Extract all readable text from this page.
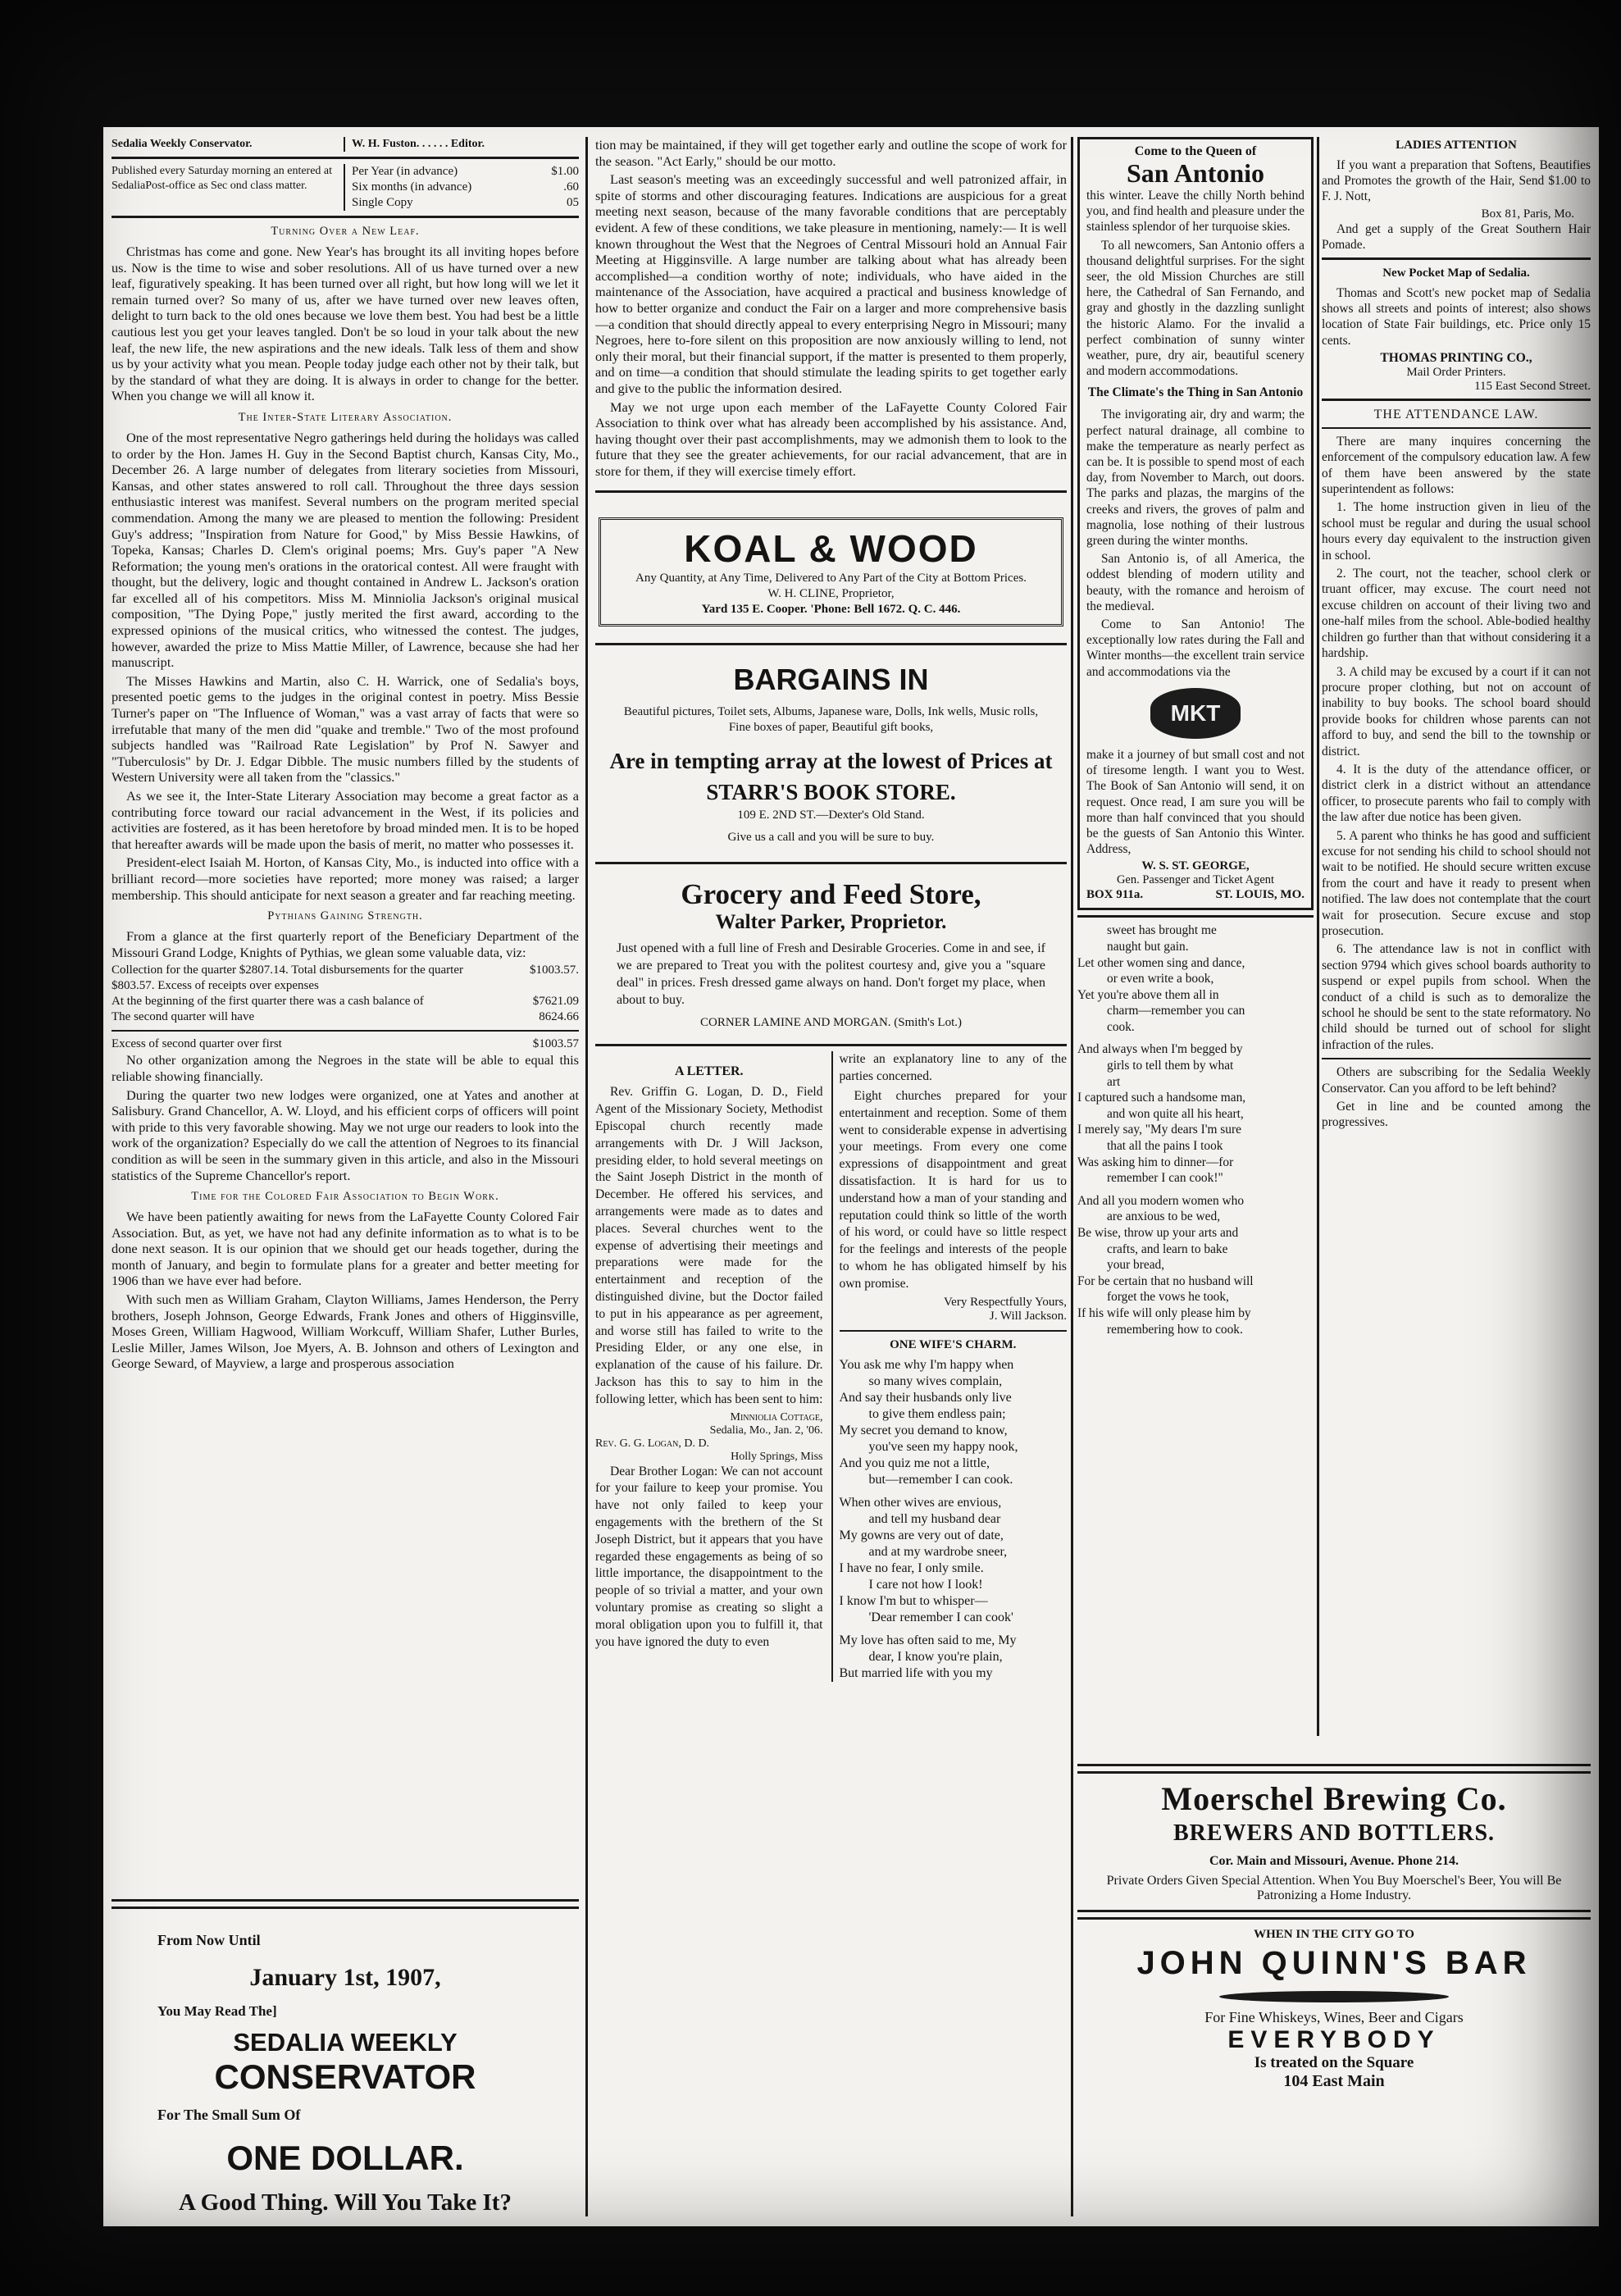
Sedalia Weekly Conservator.	W. H. Fuston. . . . . . Editor.
Published every Saturday morning an entered at SedaliaPost-office as Sec ond class matter.
Per Year (in advance)	$1.00
Six months (in advance)	.60
Single Copy	05
Turning Over a New Leaf.

Christmas has come and gone. New Year's has brought its all inviting hopes before us. Now is the time to wise and sober resolutions. All of us have turned over a new leaf, figuratively speaking. It has been turned over all right, but how long will we let it remain turned over? So many of us, after we have turned over new leaves often, delight to turn back to the old ones because we love them best. You had best be a little cautious lest you get your leaves tangled. Don't be so loud in your talk about the new leaf, the new life, the new aspirations and the new ideals. Talk less of them and show us by your activity what you mean. People today judge each other not by their talk, but by the standard of what they are doing. It is always in order to change for the better. When you change we will all know it.

The Inter-State Literary Association.

One of the most representative Negro gatherings held during the holidays was called to order by the Hon. James H. Guy in the Second Baptist church, Kansas City, Mo., December 26. A large number of delegates from literary societies from Missouri, Kansas, and other states answered to roll call. Throughout the three days session enthusiastic interest was manifest. Several numbers on the program merited special commendation. Among the many we are pleased to mention the following: President Guy's address; "Inspiration from Nature for Good," by Miss Bessie Hawkins, of Topeka, Kansas; Charles D. Clem's original poems; Mrs. Guy's paper "A New Reformation; the young men's orations in the oratorical contest. All were fraught with thought, but the delivery, logic and thought contained in Andrew L. Jackson's oration far excelled all of his competitors. Miss M. Minniolia Jackson's original musical composition, "The Dying Pope," justly merited the first award, according to the expressed opinions of the musical critics, who witnessed the contest. The judges, however, awarded the prize to Miss Mattie Miller, of Lawrence, because she had her manuscript.

The Misses Hawkins and Martin, also C. H. Warrick, one of Sedalia's boys, presented poetic gems to the judges in the original contest in poetry. Miss Bessie Turner's paper on "The Influence of Woman," was a vast array of facts that were so irrefutable that many of the men did "quake and tremble." Two of the most profound subjects handled was "Railroad Rate Legislation" by Prof N. Sawyer and "Tuberculosis" by Dr. J. Edgar Dibble. The music numbers filled by the students of Western University were all taken from the "classics."

As we see it, the Inter-State Literary Association may become a great factor as a contributing force toward our racial advancement in the West, if its policies and activities are fostered, as it has been heretofore by broad minded men. It is to be hoped that hereafter awards will be made upon the basis of merit, no matter who possesses it.

President-elect Isaiah M. Horton, of Kansas City, Mo., is inducted into office with a brilliant record—more societies have reported; more money was raised; a larger membership. This should anticipate for next season a greater and far reaching meeting.

Pythians Gaining Strength.

From a glance at the first quarterly report of the Beneficiary Department of the Missouri Grand Lodge, Knights of Pythias, we glean some valuable data, viz:

Collection for the quarter $2807.14. Total disbursements for the quarter $803.57. Excess of receipts over expenses
$1003.57.
At the beginning of the first quarter there was a cash balance of	$7621.09
The second quarter will have	8624.66
Excess of second quarter over first	$1003.57

No other organization among the Negroes in the state will be able to equal this reliable showing financially.

During the quarter two new lodges were organized, one at Yates and another at Salisbury. Grand Chancellor, A. W. Lloyd, and his efficient corps of officers will point with pride to this very favorable showing. May we not urge our readers to look into the work of the organization? Especially do we call the attention of Negroes to its financial condition as will be seen in the summary given in this article, and also in the Missouri statistics of the Supreme Chancellor's report.

Time for the Colored Fair Association to Begin Work.

We have been patiently awaiting for news from the LaFayette County Colored Fair Association. But, as yet, we have not had any definite information as to what is to be done next season. It is our opinion that we should get our heads together, during the month of January, and begin to formulate plans for a greater and better meeting for 1906 than we have ever had before.

With such men as William Graham, Clayton Williams, James Henderson, the Perry brothers, Joseph Johnson, George Edwards, Frank Jones and others of Higginsville, Moses Green, William Hagwood, William Workcuff, William Shafer, Luther Burles, Leslie Miller, James Wilson, Joe Myers, A. B. Johnson and others of Lexington and George Seward, of Mayview, a large and prosperous association

From Now Until
January 1st, 1907,
You May Read The]
SEDALIA WEEKLY
CONSERVATOR
For The Small Sum Of
ONE DOLLAR.
A Good Thing. Will You Take It?

tion may be maintained, if they will get together early and outline the scope of work for the season. "Act Early," should be our motto.

Last season's meeting was an exceedingly successful and well patronized affair, in spite of storms and other discouraging features. Indications are auspicious for a great meeting next season, because of the many favorable conditions that are perceptably evident. A few of these conditions, we take pleasure in mentioning, namely:— It is well known throughout the West that the Negroes of Central Missouri hold an Annual Fair Meeting at Higginsville. A large number are talking about what has already been accomplished—a condition worthy of note; individuals, who have aided in the maintenance of the Association, have acquired a practical and business knowledge of how to better organize and conduct the Fair on a larger and more comprehensive basis—a condition that should directly appeal to every enterprising Negro in Missouri; many Negroes, here to-fore silent on this proposition are now anxiously willing to lend, not only their moral, but their financial support, if the matter is presented to them properly, and on time—a condition that should stimulate the leading spirits to get together early and give to the public the information desired.

May we not urge upon each member of the LaFayette County Colored Fair Association to think over what has already been accomplished by his assistance. And, having thought over their past accomplishments, may we admonish them to look to the future that they see the greater achievements, for our racial advancement, that are in store for them, if they will exercise timely effort.

KOAL & WOOD
Any Quantity, at Any Time, Delivered to Any Part of the City at Bottom Prices.
W. H. CLINE, Proprietor,
Yard 135 E. Cooper. 'Phone: Bell 1672. Q. C. 446.
BARGAINS IN
Beautiful pictures, Toilet sets, Albums, Japanese ware, Dolls, Ink wells, Music rolls, Fine boxes of paper, Beautiful gift books,
Are in tempting array at the lowest of Prices at
STARR'S BOOK STORE.
109 E. 2ND ST.—Dexter's Old Stand.
Give us a call and you will be sure to buy.
Grocery and Feed Store,
Walter Parker, Proprietor.

Just opened with a full line of Fresh and Desirable Groceries. Come in and see, if we are prepared to Treat you with the politest courtesy and, give you a "square deal" in prices. Fresh dressed game always on hand. Don't forget my place, when about to buy.

CORNER LAMINE AND MORGAN. (Smith's Lot.)
A LETTER.

Rev. Griffin G. Logan, D. D., Field Agent of the Missionary Society, Methodist Episcopal church recently made arrangements with Dr. J Will Jackson, presiding elder, to hold several meetings on the Saint Joseph District in the month of December. He offered his services, and arrangements were made as to dates and places. Several churches went to the expense of advertising their meetings and preparations were made for the entertainment and reception of the distinguished divine, but the Doctor failed to put in his appearance as per agreement, and worse still has failed to write to the Presiding Elder, or any one else, in explanation of the cause of his failure. Dr. Jackson has this to say to him in the following letter, which has been sent to him:

Minniolia Cottage,
Sedalia, Mo., Jan. 2, '06.
Rev. G. G. Logan, D. D.
Holly Springs, Miss

Dear Brother Logan: We can not account for your failure to keep your promise. You have not only failed to keep your engagements with the brethern of the St Joseph District, but it appears that you have regarded these engagements as being of so little importance, the disappointment to the people of so trivial a matter, and your own voluntary promise as creating so slight a moral obligation upon you to fulfill it, that you have ignored the duty to even

write an explanatory line to any of the parties concerned.

Eight churches prepared for your entertainment and reception. Some of them went to considerable expense in advertising your meetings. From every one come expressions of disappointment and great dissatisfaction. It is hard for us to understand how a man of your standing and reputation could think so little of the worth of his word, or could have so little respect for the feelings and interests of the people to whom he has obligated himself by his own promise.

Very Respectfully Yours,
J. Will Jackson.
ONE WIFE'S CHARM.
You ask me why I'm happy when
so many wives complain,
And say their husbands only live
to give them endless pain;
My secret you demand to know,
you've seen my happy nook,
And you quiz me not a little,
but—remember I can cook.
When other wives are envious,
and tell my husband dear
My gowns are very out of date,
and at my wardrobe sneer,
I have no fear, I only smile.
I care not how I look!
I know I'm but to whisper—
'Dear remember I can cook'
My love has often said to me, My
dear, I know you're plain,
But married life with you my
Come to the Queen of
San Antonio

this winter. Leave the chilly North behind you, and find health and pleasure under the stainless splendor of her turquoise skies.

To all newcomers, San Antonio offers a thousand delightful surprises. For the sight seer, the old Mission Churches are still here, the Cathedral of San Fernando, and gray and ghostly in the dazzling sunlight the historic Alamo. For the invalid a perfect combination of sunny winter weather, pure, dry air, beautiful scenery and modern accommodations.

The Climate's the Thing in San Antonio

The invigorating air, dry and warm; the perfect natural drainage, all combine to make the temperature as nearly perfect as can be. It is possible to spend most of each day, from November to March, out doors. The parks and plazas, the margins of the creeks and rivers, the groves of palm and magnolia, lose nothing of their lustrous green during the winter months.

San Antonio is, of all America, the oddest blending of modern utility and beauty, with the romance and heroism of the medieval.

Come to San Antonio! The exceptionally low rates during the Fall and Winter months—the excellent train service and accommodations via the

MKT

make it a journey of but small cost and not of tiresome length. I want you to West. The Book of San Antonio will send, it on request. Once read, I am sure you will be more than half convinced that you should be the guests of San Antonio this Winter. Address,

W. S. ST. GEORGE,
Gen. Passenger and Ticket Agent
BOX 911a.	ST. LOUIS, MO.
sweet has brought me
naught but gain.
Let other women sing and dance,
or even write a book,
Yet you're above them all in
charm—remember you can
cook.
And always when I'm begged by
girls to tell them by what
art
I captured such a handsome man,
and won quite all his heart,
I merely say, "My dears I'm sure
that all the pains I took
Was asking him to dinner—for
remember I can cook!"
And all you modern women who
are anxious to be wed,
Be wise, throw up your arts and
crafts, and learn to bake
your bread,
For be certain that no husband will
forget the vows he took,
If his wife will only please him by
remembering how to cook.
LADIES ATTENTION

If you want a preparation that Softens, Beautifies and Promotes the growth of the Hair, Send $1.00 to F. J. Nott,

Box 81, Paris, Mo.

And get a supply of the Great Southern Hair Pomade.

New Pocket Map of Sedalia.

Thomas and Scott's new pocket map of Sedalia shows all streets and points of interest; also shows location of State Fair buildings, etc. Price only 15 cents.

THOMAS PRINTING CO.,
Mail Order Printers.
115 East Second Street.
THE ATTENDANCE LAW.

There are many inquires concerning the enforcement of the compulsory education law. A few of them have been answered by the state superintendent as follows:

1. The home instruction given in lieu of the school must be regular and during the usual school hours every day equivalent to the instruction given in school.

2. The court, not the teacher, school clerk or truant officer, may excuse. The court need not excuse children on account of their living two and one-half miles from the school. Able-bodied healthy children go further than that without considering it a hardship.

3. A child may be excused by a court if it can not procure proper clothing, but not on account of inability to buy books. The school board should provide books for children whose parents can not afford to buy, and send the bill to the township or district.

4. It is the duty of the attendance officer, or district clerk in a district without an attendance officer, to prosecute parents who fail to comply with the law after due notice has been given.

5. A parent who thinks he has good and sufficient excuse for not sending his child to school should not wait to be notified. He should secure written excuse from the court and have it ready to present when notified. The law does not contemplate that the court wait for prosecution. Secure excuse and stop prosecution.

6. The attendance law is not in conflict with section 9794 which gives school boards authority to suspend or expel pupils from school. When the conduct of a child is such as to demoralize the school he should be sent to the state reformatory. No child should be turned out of school for slight infraction of the rules.

Others are subscribing for the Sedalia Weekly Conservator. Can you afford to be left behind?

Get in line and be counted among the progressives.

Moerschel Brewing Co.
BREWERS AND BOTTLERS.
Cor. Main and Missouri, Avenue. Phone 214.
Private Orders Given Special Attention. When You Buy Moerschel's Beer, You will Be Patronizing a Home Industry.
WHEN IN THE CITY GO TO
JOHN QUINN'S BAR
For Fine Whiskeys, Wines, Beer and Cigars
EVERYBODY
Is treated on the Square
104 East Main
